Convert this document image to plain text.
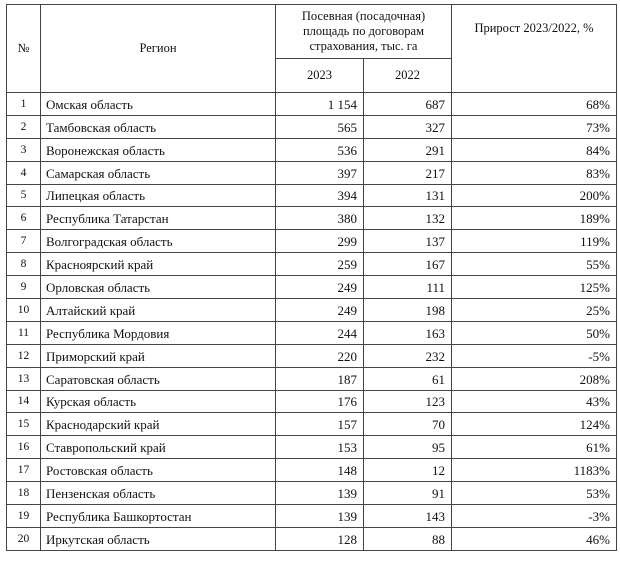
№	Регион	Посевная (посадочная) площадь по договорам страхования, тыс. га		Прирост 2023/2022, %
		2023	2022	
1	Омская область	1 154	687	68%
2	Тамбовская область	565	327	73%
3	Воронежская область	536	291	84%
4	Самарская область	397	217	83%
5	Липецкая область	394	131	200%
6	Республика Татарстан	380	132	189%
7	Волгоградская область	299	137	119%
8	Красноярский край	259	167	55%
9	Орловская область	249	111	125%
10	Алтайский край	249	198	25%
11	Республика Мордовия	244	163	50%
12	Приморский край	220	232	-5%
13	Саратовская область	187	61	208%
14	Курская область	176	123	43%
15	Краснодарский край	157	70	124%
16	Ставропольский край	153	95	61%
17	Ростовская область	148	12	1183%
18	Пензенская область	139	91	53%
19	Республика Башкортостан	139	143	-3%
20	Иркутская область	128	88	46%
